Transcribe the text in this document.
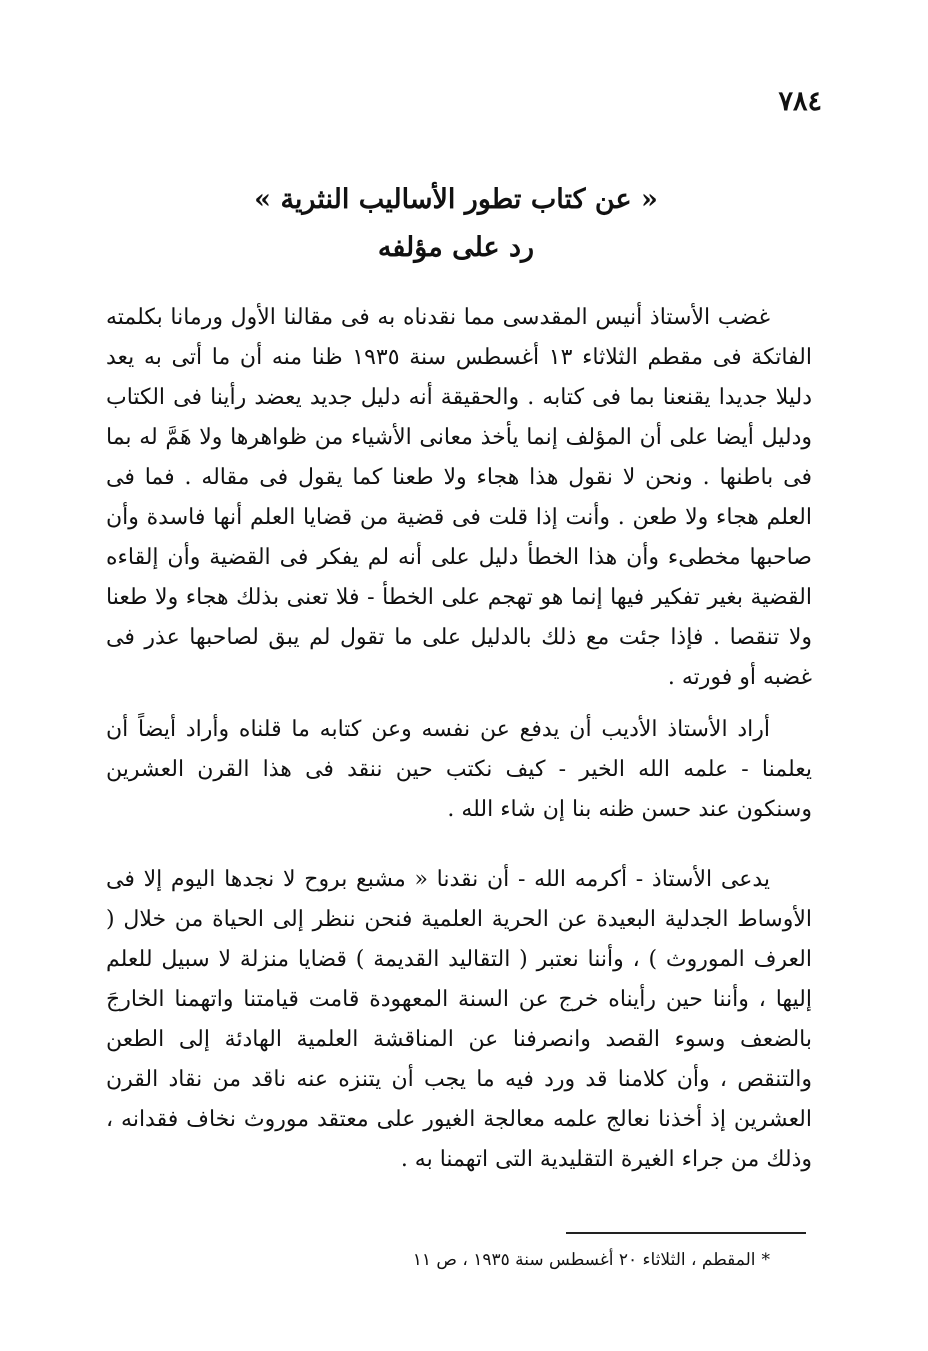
٧٨٤
« عن كتاب تطور الأساليب النثرية »
رد على مؤلفه

غضب الأستاذ أنيس المقدسى مما نقدناه به فى مقالنا الأول ورمانا بكلمته الفاتكة فى مقطم الثلاثاء ١٣ أغسطس سنة ١٩٣٥ ظنا منه أن ما أتى به يعد دليلا جديدا يقنعنا بما فى كتابه . والحقيقة أنه دليل جديد يعضد رأينا فى الكتاب ودليل أيضا على أن المؤلف إنما يأخذ معانى الأشياء من ظواهرها ولا هَمَّ له بما فى باطنها . ونحن لا نقول هذا هجاء ولا طعنا كما يقول فى مقاله . فما فى العلم هجاء ولا طعن . وأنت إذا قلت فى قضية من قضايا العلم أنها فاسدة وأن صاحبها مخطىء وأن هذا الخطأ دليل على أنه لم يفكر فى القضية وأن إلقاءه القضية بغير تفكير فيها إنما هو تهجم على الخطأ - فلا تعنى بذلك هجاء ولا طعنا ولا تنقصا . فإذا جئت مع ذلك بالدليل على ما تقول لم يبق لصاحبها عذر فى غضبه أو فورته .

أراد الأستاذ الأديب أن يدفع عن نفسه وعن كتابه ما قلناه وأراد أيضاً أن يعلمنا - علمه الله الخير - كيف نكتب حين ننقد فى هذا القرن العشرين وسنكون عند حسن ظنه بنا إن شاء الله .

يدعى الأستاذ - أكرمه الله - أن نقدنا « مشبع بروح لا نجدها اليوم إلا فى الأوساط الجدلية البعيدة عن الحرية العلمية فنحن ننظر إلى الحياة من خلال ( العرف الموروث ) ، وأننا نعتبر ( التقاليد القديمة ) قضايا منزلة لا سبيل للعلم إليها ، وأننا حين رأيناه خرج عن السنة المعهودة قامت قيامتنا واتهمنا الخارجَ بالضعف وسوء القصد وانصرفنا عن المناقشة العلمية الهادئة إلى الطعن والتنقص ، وأن كلامنا قد ورد فيه ما يجب أن يتنزه عنه ناقد من نقاد القرن العشرين إذ أخذنا نعالج علمه معالجة الغيور على معتقد موروث نخاف فقدانه ، وذلك من جراء الغيرة التقليدية التى اتهمنا به .

*المقطم ، الثلاثاء ٢٠ أغسطس سنة ١٩٣٥ ، ص ١١
